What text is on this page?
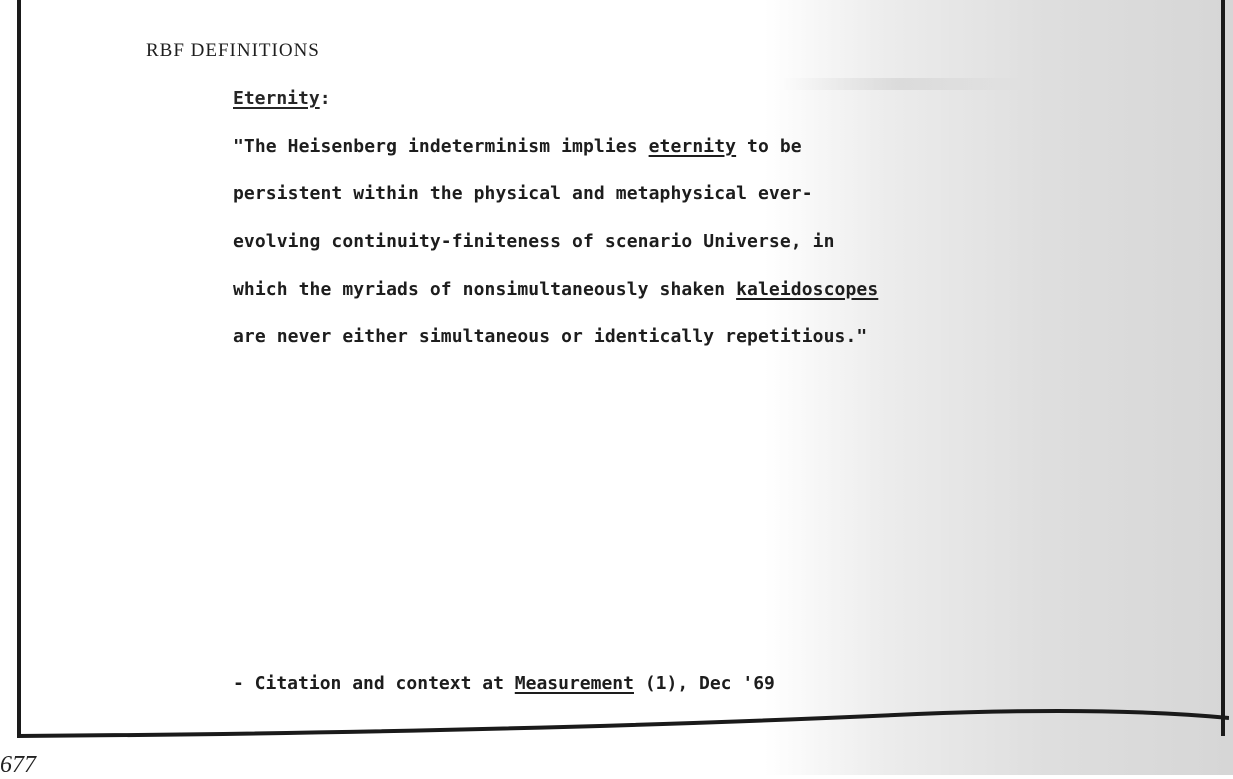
RBF DEFINITIONS
Eternity:
"The Heisenberg indeterminism implies eternity to be
persistent within the physical and metaphysical ever-
evolving continuity-finiteness of scenario Universe, in
which the myriads of nonsimultaneously shaken kaleidoscopes
are never either simultaneous or identically repetitious."
- Citation and context at Measurement (1), Dec '69
677
